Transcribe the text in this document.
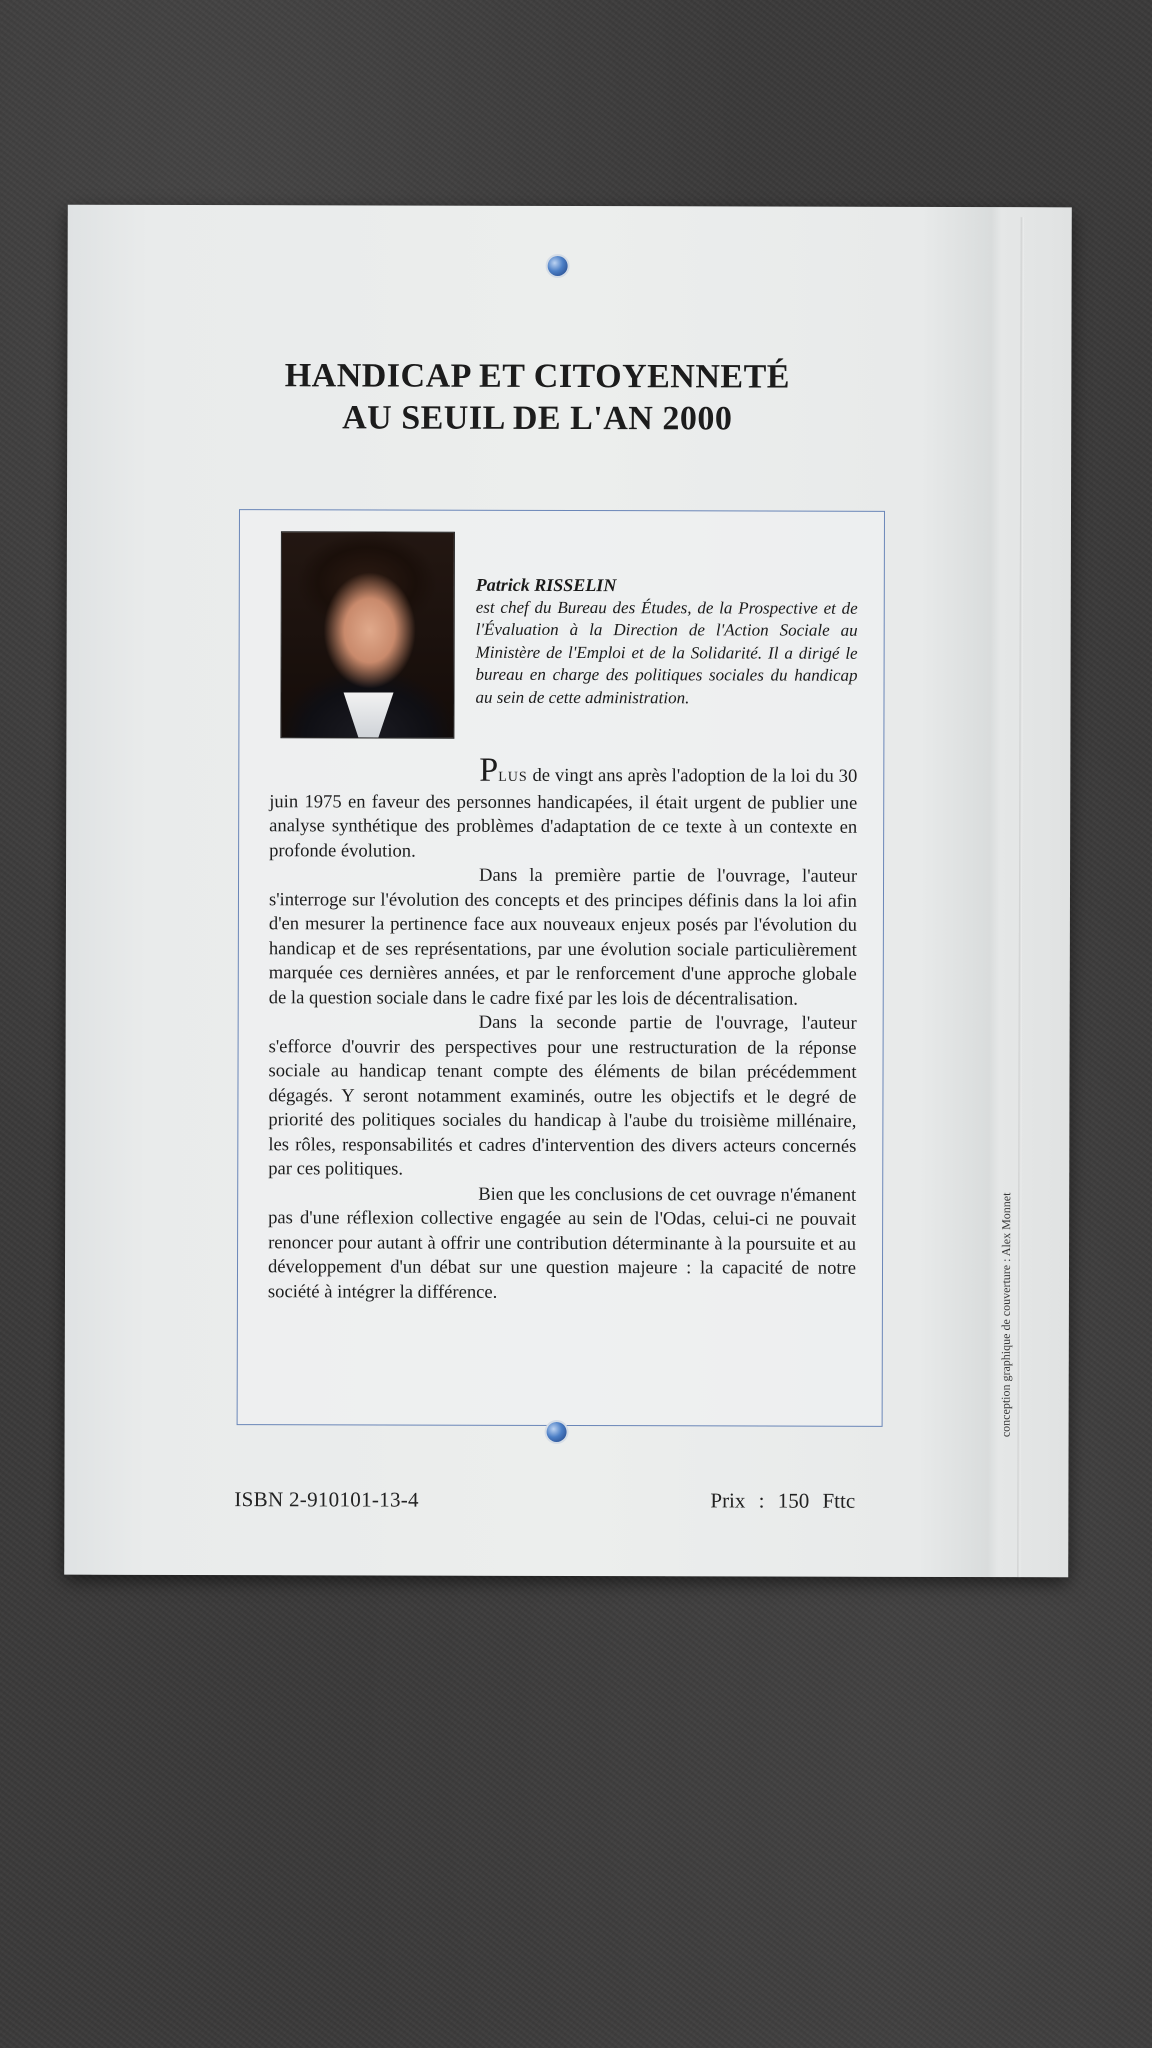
HANDICAP ET CITOYENNETÉ
AU SEUIL DE L'AN 2000
Patrick RISSELIN
est chef du Bureau des Études, de la Prospective et de l'Évaluation à la Direction de l'Action Sociale au Ministère de l'Emploi et de la Solidarité. Il a dirigé le bureau en charge des politiques sociales du handicap au sein de cette administration.

PLUS de vingt ans après l'adoption de la loi du 30 juin 1975 en faveur des personnes handicapées, il était urgent de publier une analyse synthétique des problèmes d'adaptation de ce texte à un contexte en profonde évolution.

Dans la première partie de l'ouvrage, l'auteur s'interroge sur l'évolution des concepts et des principes définis dans la loi afin d'en mesurer la pertinence face aux nouveaux enjeux posés par l'évolution du handicap et de ses représentations, par une évolution sociale particulièrement marquée ces dernières années, et par le renforcement d'une approche globale de la question sociale dans le cadre fixé par les lois de décentralisation.

Dans la seconde partie de l'ouvrage, l'auteur s'efforce d'ouvrir des perspectives pour une restructuration de la réponse sociale au handicap tenant compte des éléments de bilan précédemment dégagés. Y seront notamment examinés, outre les objectifs et le degré de priorité des politiques sociales du handicap à l'aube du troisième millénaire, les rôles, responsabilités et cadres d'intervention des divers acteurs concernés par ces politiques.

Bien que les conclusions de cet ouvrage n'émanent pas d'une réflexion collective engagée au sein de l'Odas, celui-ci ne pouvait renoncer pour autant à offrir une contribution déterminante à la poursuite et au développement d'un débat sur une question majeure : la capacité de notre société à intégrer la différence.

ISBN 2-910101-13-4	Prix : 150 Fttc
conception graphique de couverture : Alex Monnet
